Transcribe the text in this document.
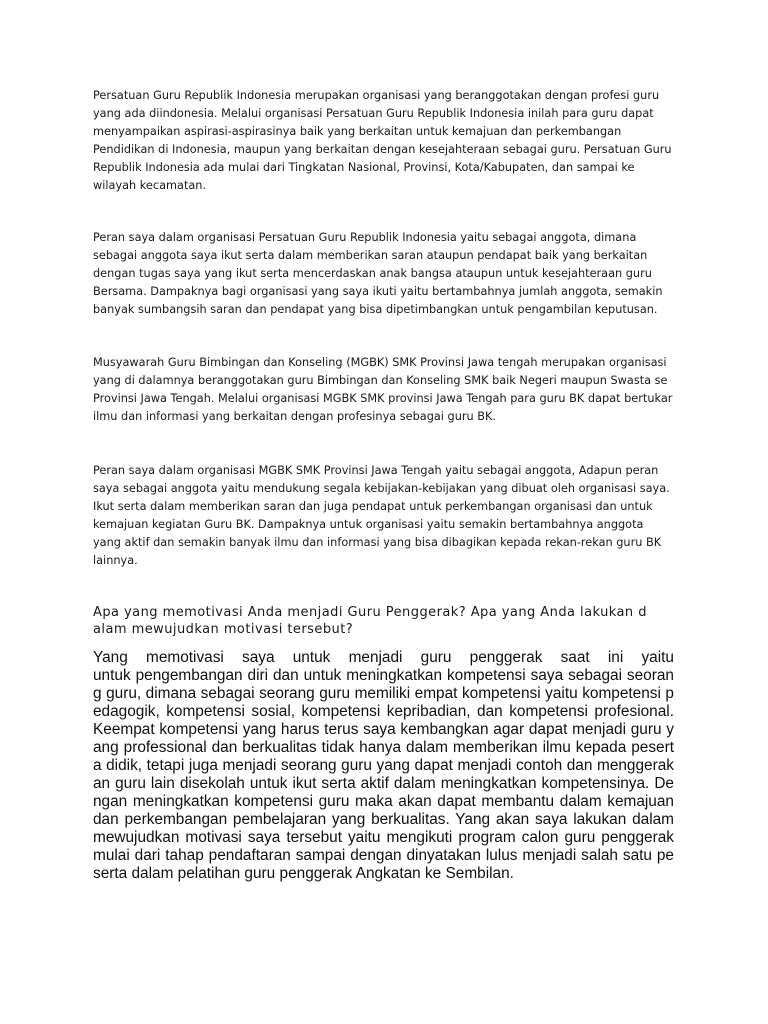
Persatuan Guru Republik Indonesia merupakan organisasi yang beranggotakan dengan profesi guru yang ada diindonesia. Melalui organisasi Persatuan Guru Republik Indonesia inilah para guru dapat menyampaikan aspirasi-aspirasinya baik yang berkaitan untuk kemajuan dan perkembangan Pendidikan di Indonesia, maupun yang berkaitan dengan kesejahteraan sebagai guru. Persatuan Guru Republik Indonesia ada mulai dari Tingkatan Nasional, Provinsi, Kota/Kabupaten, dan sampai ke wilayah kecamatan.

Peran saya dalam organisasi Persatuan Guru Republik Indonesia yaitu sebagai anggota, dimana sebagai anggota saya ikut serta dalam memberikan saran ataupun pendapat baik yang berkaitan dengan tugas saya yang ikut serta mencerdaskan anak bangsa ataupun untuk kesejahteraan guru Bersama. Dampaknya bagi organisasi yang saya ikuti yaitu bertambahnya jumlah anggota, semakin banyak sumbangsih saran dan pendapat yang bisa dipetimbangkan untuk pengambilan keputusan.

Musyawarah Guru Bimbingan dan Konseling (MGBK) SMK Provinsi Jawa tengah merupakan organisasi yang di dalamnya beranggotakan guru Bimbingan dan Konseling SMK baik Negeri maupun Swasta se Provinsi Jawa Tengah. Melalui organisasi MGBK SMK provinsi Jawa Tengah para guru BK dapat bertukar ilmu dan informasi yang berkaitan dengan profesinya sebagai guru BK.

Peran saya dalam organisasi MGBK SMK Provinsi Jawa Tengah yaitu sebagai anggota, Adapun peran saya sebagai anggota yaitu mendukung segala kebijakan-kebijakan yang dibuat oleh organisasi saya. Ikut serta dalam memberikan saran dan juga pendapat untuk perkembangan organisasi dan untuk kemajuan kegiatan Guru BK. Dampaknya untuk organisasi yaitu semakin bertambahnya anggota yang aktif dan semakin banyak ilmu dan informasi yang bisa dibagikan kepada rekan-rekan guru BK lainnya.

Apa yang memotivasi Anda menjadi Guru Penggerak? Apa yang Anda lakukan d
alam mewujudkan motivasi tersebut?
Yang memotivasi saya untuk menjadi guru penggerak saat ini yaitu
untuk pengembangan diri dan untuk meningkatkan kompetensi saya sebagai seoran
g guru, dimana sebagai seorang guru memiliki empat kompetensi yaitu kompetensi p
edagogik, kompetensi sosial, kompetensi kepribadian, dan kompetensi profesional.
Keempat kompetensi yang harus terus saya kembangkan agar dapat menjadi guru y
ang professional dan berkualitas tidak hanya dalam memberikan ilmu kepada pesert
a didik, tetapi juga menjadi seorang guru yang dapat menjadi contoh dan menggerak
an guru lain disekolah untuk ikut serta aktif dalam meningkatkan kompetensinya. De
ngan meningkatkan kompetensi guru maka akan dapat membantu dalam kemajuan
dan perkembangan pembelajaran yang berkualitas. Yang akan saya lakukan dalam
mewujudkan motivasi saya tersebut yaitu mengikuti program calon guru penggerak
mulai dari tahap pendaftaran sampai dengan dinyatakan lulus menjadi salah satu pe
serta dalam pelatihan guru penggerak Angkatan ke Sembilan.
